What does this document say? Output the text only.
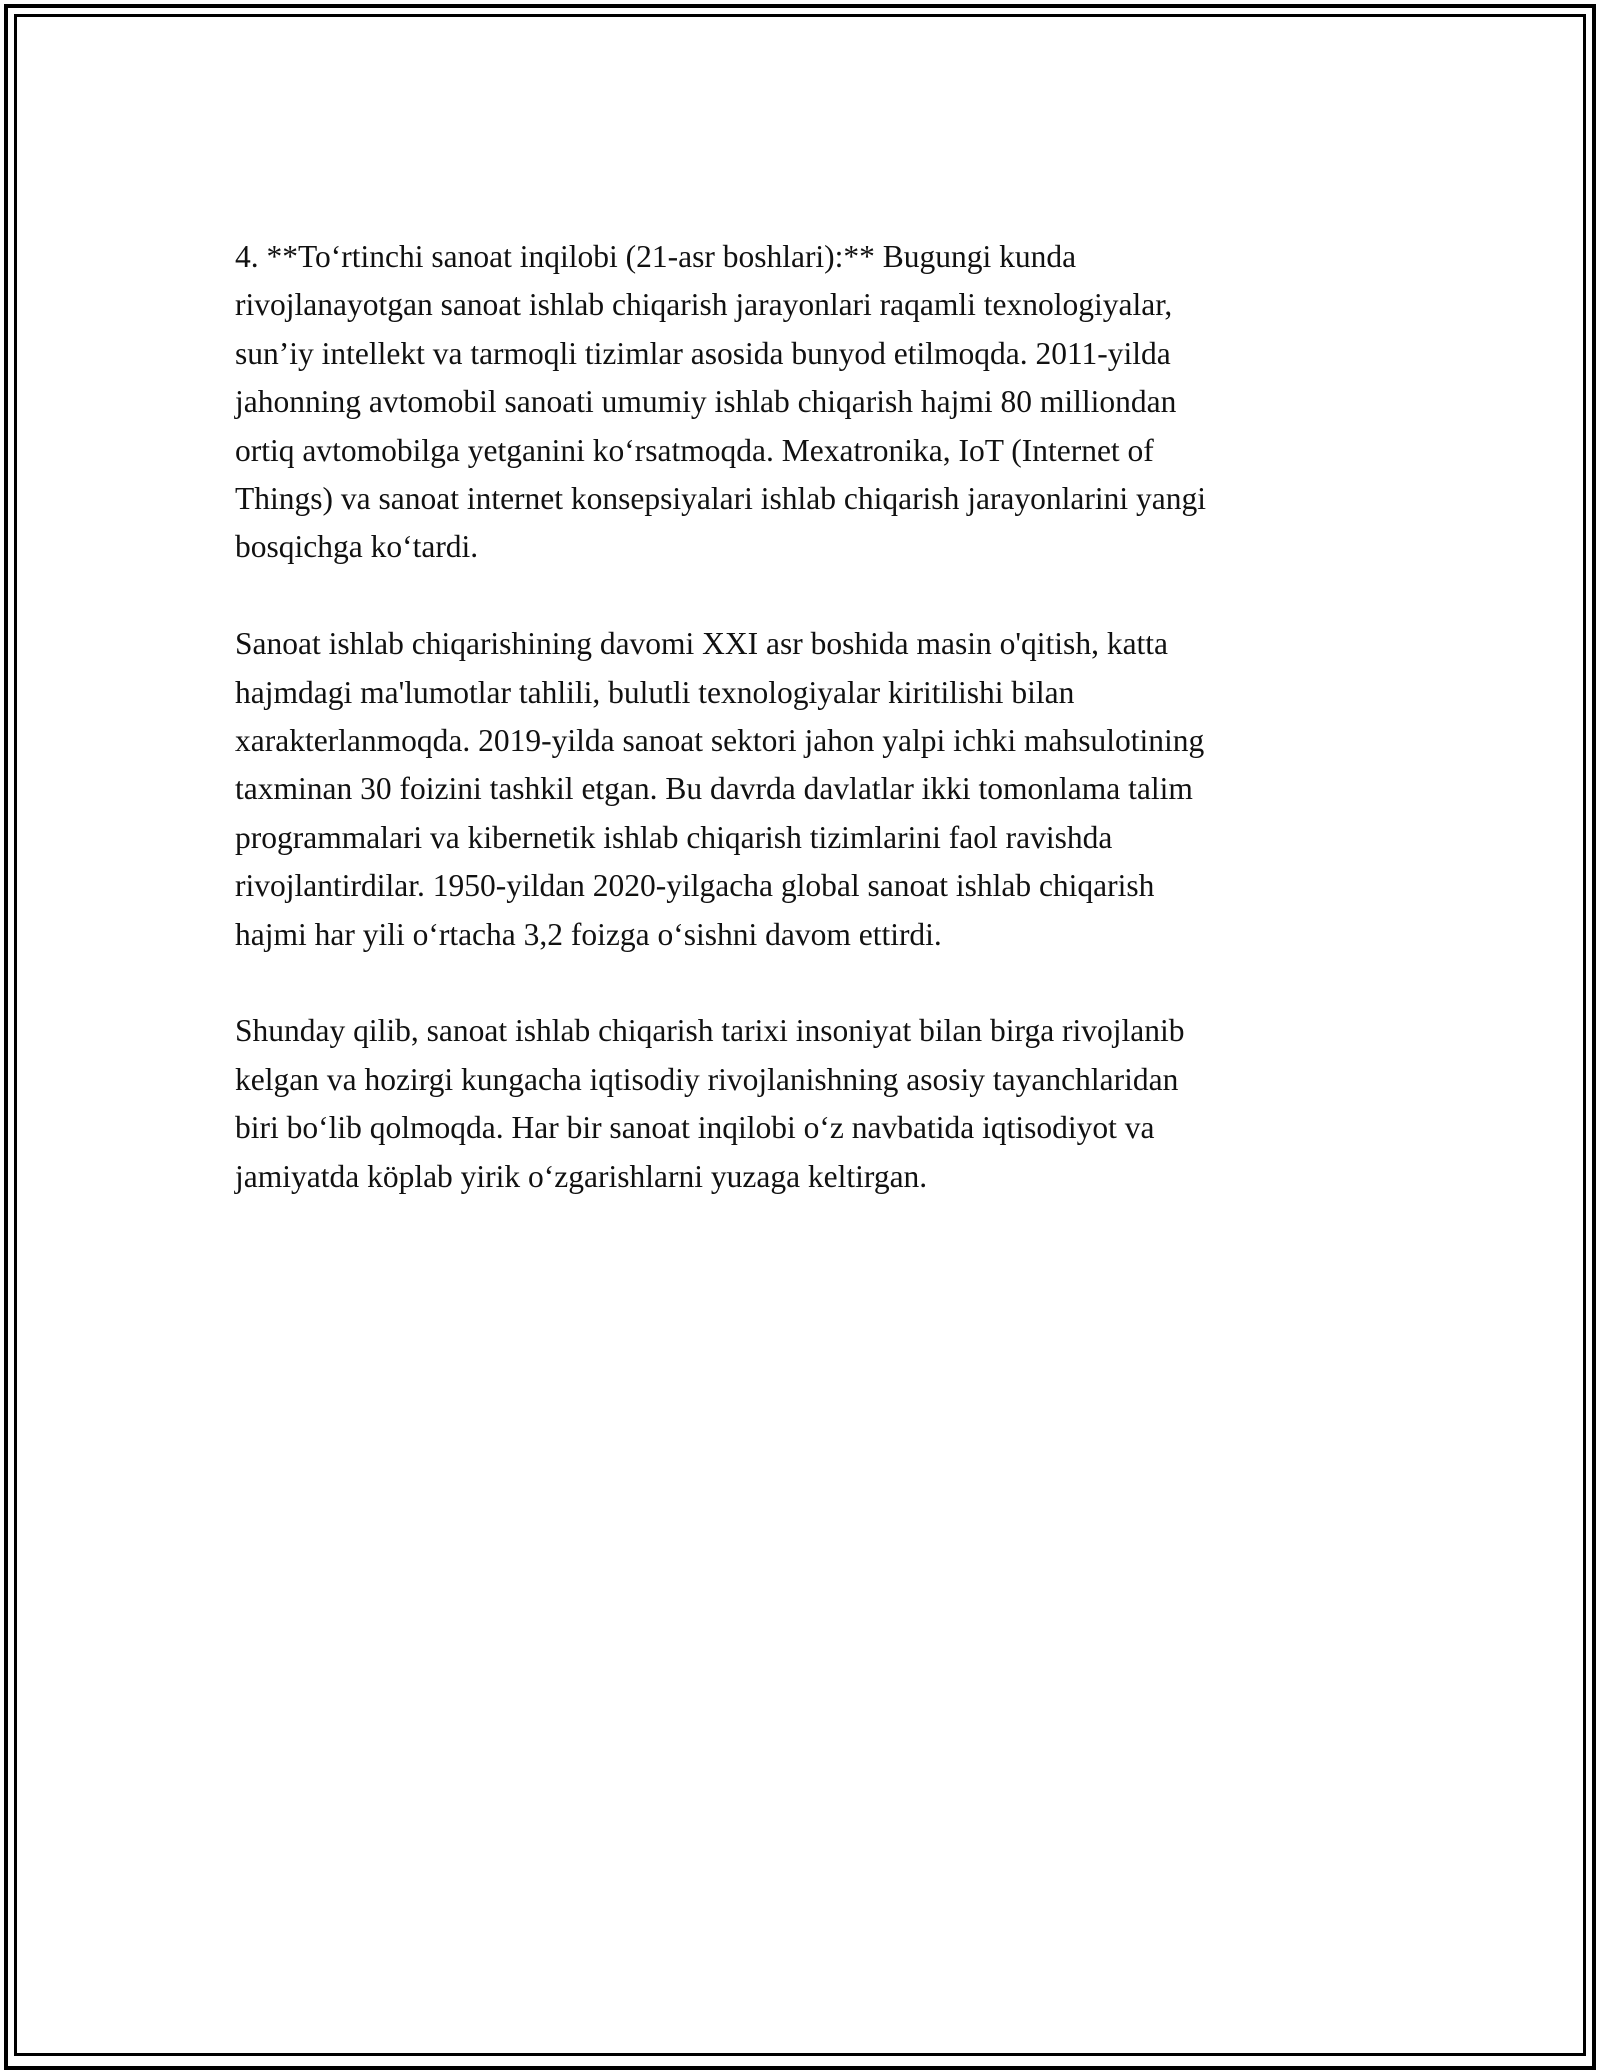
4. **To‘rtinchi sanoat inqilobi (21-asr boshlari):** Bugungi kunda
rivojlanayotgan sanoat ishlab chiqarish jarayonlari raqamli texnologiyalar,
sun’iy intellekt va tarmoqli tizimlar asosida bunyod etilmoqda. 2011-yilda
jahonning avtomobil sanoati umumiy ishlab chiqarish hajmi 80 milliondan
ortiq avtomobilga yetganini ko‘rsatmoqda. Mexatronika, IoT (Internet of
Things) va sanoat internet konsepsiyalari ishlab chiqarish jarayonlarini yangi
bosqichga ko‘tardi.

Sanoat ishlab chiqarishining davomi XXI asr boshida masin o'qitish, katta
hajmdagi ma'lumotlar tahlili, bulutli texnologiyalar kiritilishi bilan
xarakterlanmoqda. 2019-yilda sanoat sektori jahon yalpi ichki mahsulotining
taxminan 30 foizini tashkil etgan. Bu davrda davlatlar ikki tomonlama talim
programmalari va kibernetik ishlab chiqarish tizimlarini faol ravishda
rivojlantirdilar. 1950-yildan 2020-yilgacha global sanoat ishlab chiqarish
hajmi har yili o‘rtacha 3,2 foizga o‘sishni davom ettirdi.

Shunday qilib, sanoat ishlab chiqarish tarixi insoniyat bilan birga rivojlanib
kelgan va hozirgi kungacha iqtisodiy rivojlanishning asosiy tayanchlaridan
biri bo‘lib qolmoqda. Har bir sanoat inqilobi o‘z navbatida iqtisodiyot va
jamiyatda köplab yirik o‘zgarishlarni yuzaga keltirgan.
